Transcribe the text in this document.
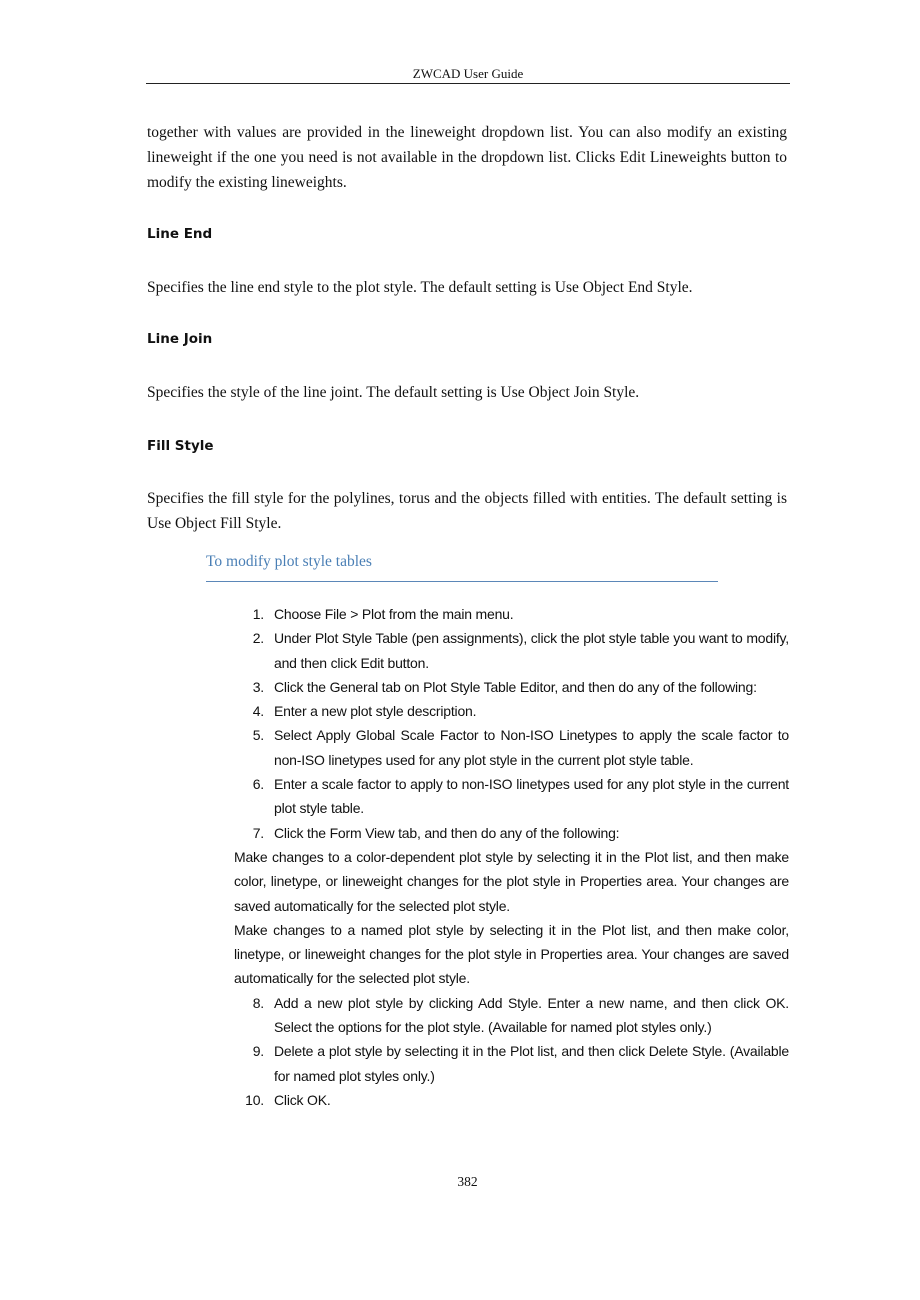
ZWCAD User Guide

together with values are provided in the lineweight dropdown list. You can also modify an existing lineweight if the one you need is not available in the dropdown list. Clicks Edit Lineweights button to modify the existing lineweights.

Line End

Specifies the line end style to the plot style. The default setting is Use Object End Style.

Line Join

Specifies the style of the line joint. The default setting is Use Object Join Style.

Fill Style

Specifies the fill style for the polylines, torus and the objects filled with entities. The default setting is Use Object Fill Style.

To modify plot style tables
1. Choose File > Plot from the main menu.
2. Under Plot Style Table (pen assignments), click the plot style table you want to modify, and then click Edit button.
3. Click the General tab on Plot Style Table Editor, and then do any of the following:
4. Enter a new plot style description.
5. Select Apply Global Scale Factor to Non-ISO Linetypes to apply the scale factor to non-ISO linetypes used for any plot style in the current plot style table.
6. Enter a scale factor to apply to non-ISO linetypes used for any plot style in the current plot style table.
7. Click the Form View tab, and then do any of the following:
Make changes to a color-dependent plot style by selecting it in the Plot list, and then make color, linetype, or lineweight changes for the plot style in Properties area. Your changes are saved automatically for the selected plot style.
Make changes to a named plot style by selecting it in the Plot list, and then make color, linetype, or lineweight changes for the plot style in Properties area. Your changes are saved automatically for the selected plot style.
8. Add a new plot style by clicking Add Style. Enter a new name, and then click OK. Select the options for the plot style. (Available for named plot styles only.)
9. Delete a plot style by selecting it in the Plot list, and then click Delete Style. (Available for named plot styles only.)
10. Click OK.
382
